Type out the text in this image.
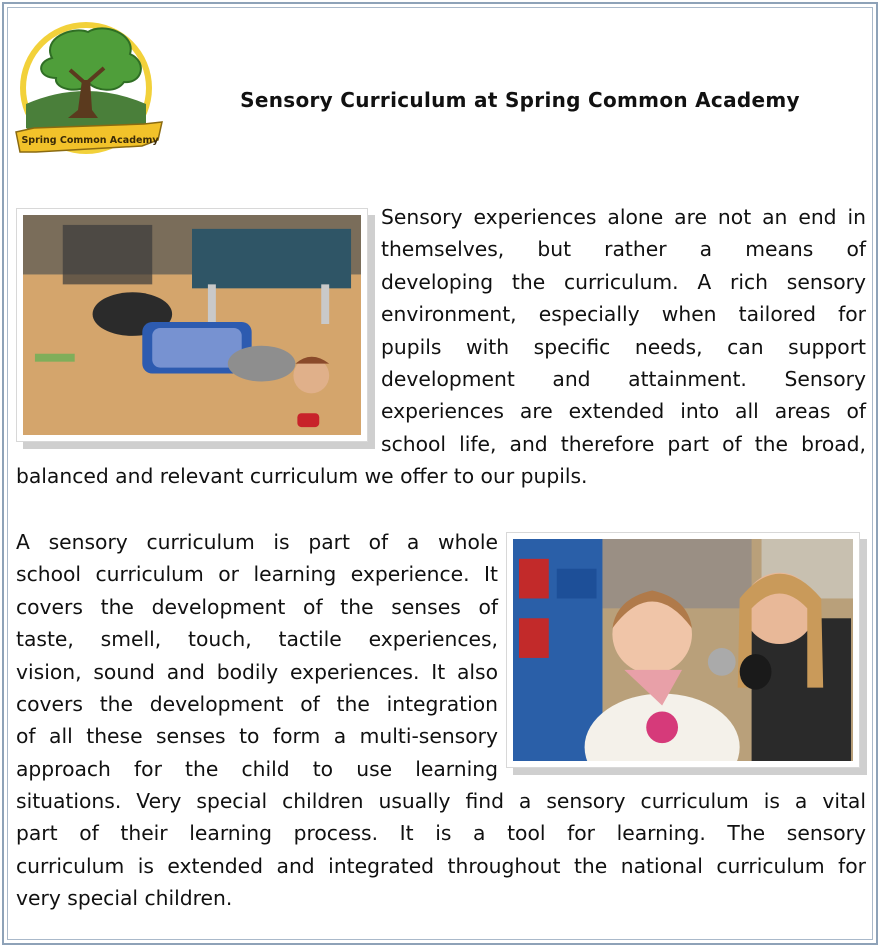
Spring Common Academy
Sensory Curriculum at Spring Common Academy
Sensory experiences alone are not an end in
themselves, but rather a means of
developing the curriculum. A rich sensory
environment, especially when tailored for
pupils with specific needs, can support
development and attainment. Sensory
experiences are extended into all areas of
school life, and therefore part of the broad,
balanced and relevant curriculum we offer to our pupils.
A sensory curriculum is part of a whole
school curriculum or learning experience. It
covers the development of the senses of
taste, smell, touch, tactile experiences,
vision, sound and bodily experiences. It also
covers the development of the integration
of all these senses to form a multi-sensory
approach for the child to use learning
situations. Very special children usually find a sensory curriculum is a vital
part of their learning process. It is a tool for learning. The sensory
curriculum is extended and integrated throughout the national curriculum for
very special children.
